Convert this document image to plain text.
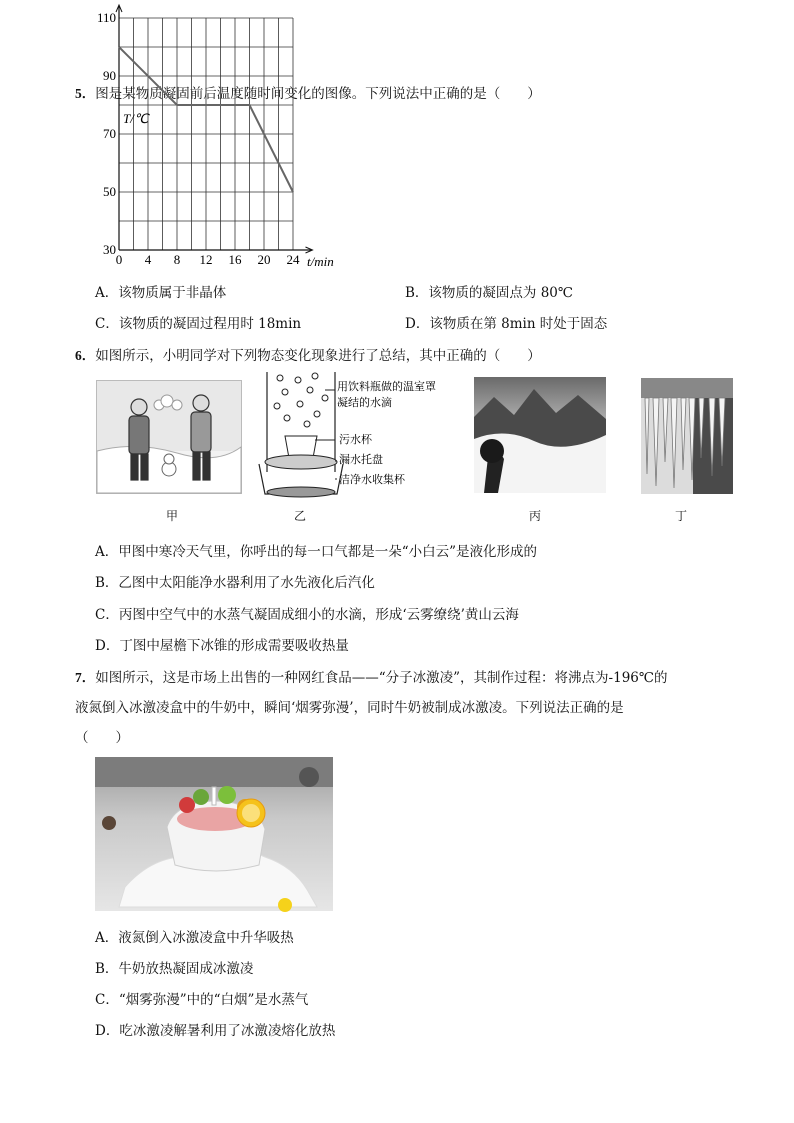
5．图是某物质凝固前后温度随时间变化的图像。下列说法中正确的是（　　）
0 4 8 12 16 20 24
30
50
70
90
110
T/℃
t/min
A．该物质属于非晶体	B．该物质的凝固点为 80℃
C．该物质的凝固过程用时 18min	D．该物质在第 8min 时处于固态
6．如图所示，小明同学对下列物态变化现象进行了总结，其中正确的（　　）
甲
用饮料瓶做的温室罩
凝结的水滴
污水杯
漏水托盘
洁净水收集杯
乙	丙	丁
A．甲图中寒冷天气里，你呼出的每一口气都是一朵“小白云”是液化形成的
B．乙图中太阳能净水器利用了水先液化后汽化
C．丙图中空气中的水蒸气凝固成细小的水滴，形成‘云雾缭绕’黄山云海
D．丁图中屋檐下冰锥的形成需要吸收热量
7．如图所示，这是市场上出售的一种网红食品——“分子冰激凌”，其制作过程：将沸点为-196℃的
液氮倒入冰激凌盒中的牛奶中，瞬间‘烟雾弥漫’，同时牛奶被制成冰激凌。下列说法正确的是
（　　）
A．液氮倒入冰激凌盒中升华吸热
B．牛奶放热凝固成冰激凌
C．“烟雾弥漫”中的“白烟”是水蒸气
D．吃冰激凌解暑利用了冰激凌熔化放热
